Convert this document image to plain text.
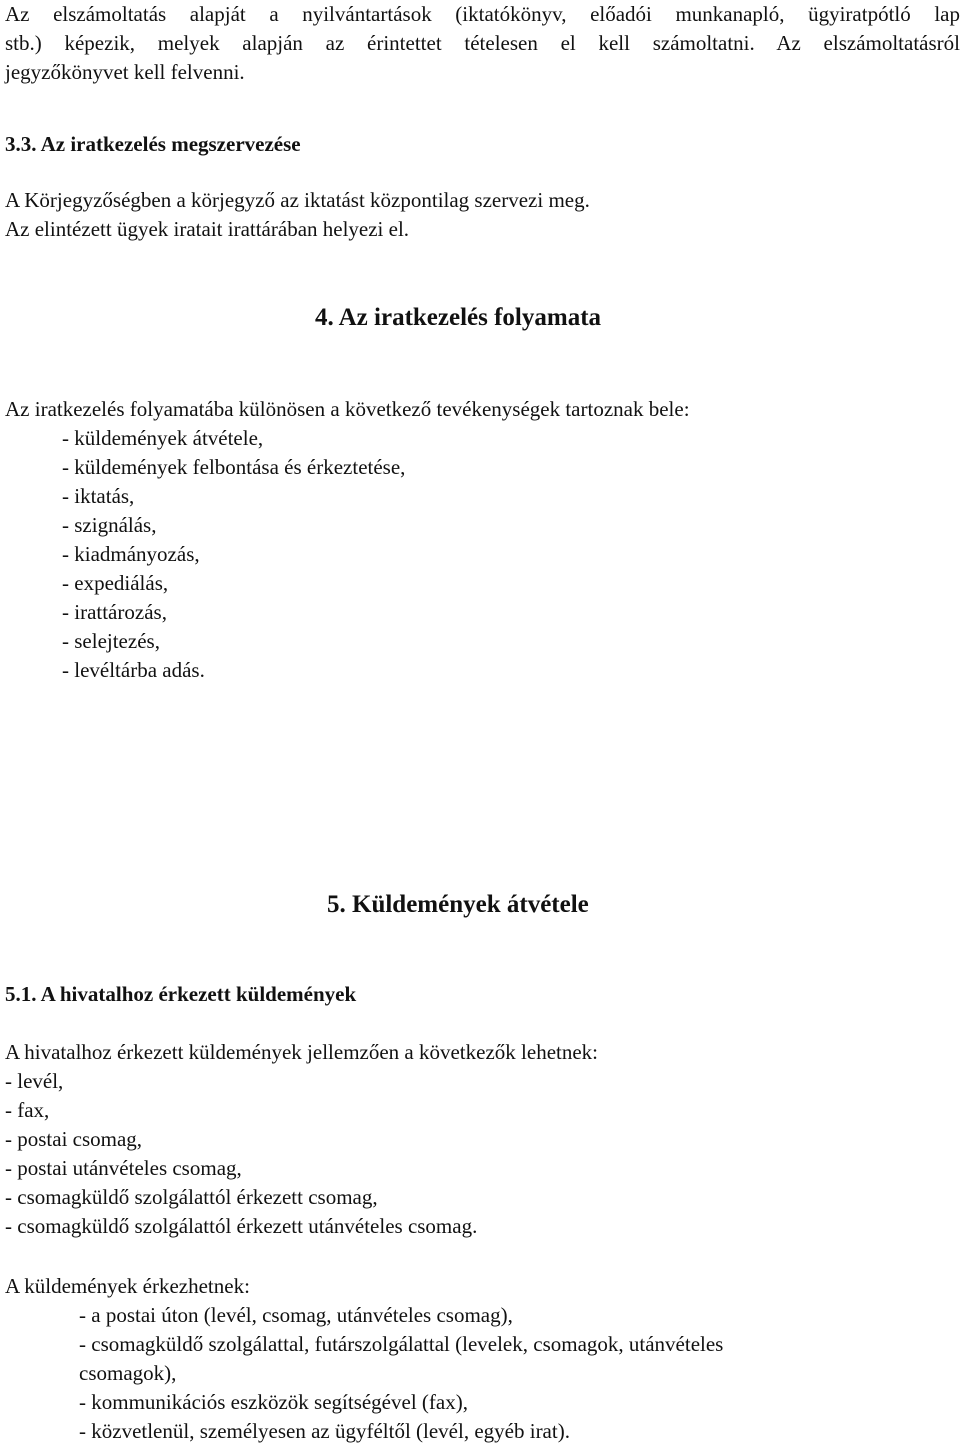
Az elszámoltatás alapját a nyilvántartások (iktatókönyv, előadói munkanapló, ügyiratpótló lap
stb.) képezik, melyek alapján az érintettet tételesen el kell számoltatni. Az elszámoltatásról
jegyzőkönyvet kell felvenni.
3.3. Az iratkezelés megszervezése

A Körjegyzőségben a körjegyző az iktatást központilag szervezi meg.

Az elintézett ügyek iratait irattárában helyezi el.

4. Az iratkezelés folyamata

Az iratkezelés folyamatába különösen a következő tevékenységek tartoznak bele:

- küldemények átvétele,
- küldemények felbontása és érkeztetése,
- iktatás,
- szignálás,
- kiadmányozás,
- expediálás,
- irattározás,
- selejtezés,
- levéltárba adás.
5. Küldemények átvétele
5.1. A hivatalhoz érkezett küldemények

A hivatalhoz érkezett küldemények jellemzően a következők lehetnek:

- levél,
- fax,
- postai csomag,
- postai utánvételes csomag,
- csomagküldő szolgálattól érkezett csomag,
- csomagküldő szolgálattól érkezett utánvételes csomag.

A küldemények érkezhetnek:

- a postai úton (levél, csomag, utánvételes csomag),
- csomagküldő szolgálattal, futárszolgálattal (levelek, csomagok, utánvételes
csomagok),
- kommunikációs eszközök segítségével (fax),
- közvetlenül, személyesen az ügyféltől (levél, egyéb irat).
